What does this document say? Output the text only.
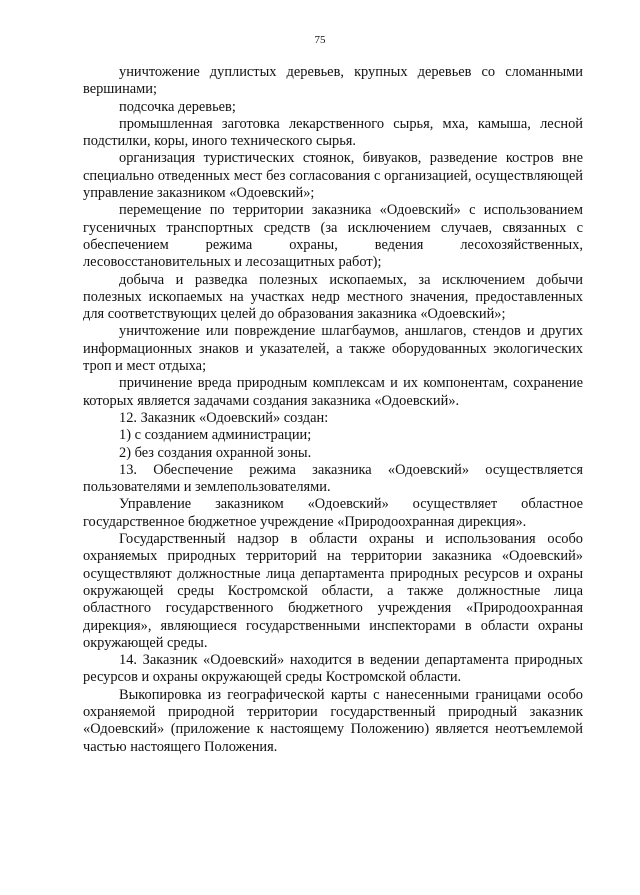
75

уничтожение дуплистых деревьев, крупных деревьев со сломанными вершинами;

подсочка деревьев;

промышленная заготовка лекарственного сырья, мха, камыша, лесной подстилки, коры, иного технического сырья.

организация туристических стоянок, бивуаков, разведение костров вне специально отведенных мест без согласования с организацией, осуществляющей управление заказником «Одоевский»;

перемещение по территории заказника «Одоевский» с использованием гусеничных транспортных средств (за исключением случаев, связанных с обеспечением режима охраны, ведения лесохозяйственных, лесовосстановительных и лесозащитных работ);

добыча и разведка полезных ископаемых, за исключением добычи полезных ископаемых на участках недр местного значения, предоставленных для соответствующих целей до образования заказника «Одоевский»;

уничтожение или повреждение шлагбаумов, аншлагов, стендов и других информационных знаков и указателей, а также оборудованных экологических троп и мест отдыха;

причинение вреда природным комплексам и их компонентам, сохранение которых является задачами создания заказника «Одоевский».

12. Заказник «Одоевский» создан:

1) с созданием администрации;

2) без создания охранной зоны.

13. Обеспечение режима заказника «Одоевский» осуществляется пользователями и землепользователями.

Управление заказником «Одоевский» осуществляет областное государственное бюджетное учреждение «Природоохранная дирекция».

Государственный надзор в области охраны и использования особо охраняемых природных территорий на территории заказника «Одоевский» осуществляют должностные лица департамента природных ресурсов и охраны окружающей среды Костромской области, а также должностные лица областного государственного бюджетного учреждения «Природоохранная дирекция», являющиеся государственными инспекторами в области охраны окружающей среды.

14. Заказник «Одоевский» находится в ведении департамента природных ресурсов и охраны окружающей среды Костромской области.

Выкопировка из географической карты с нанесенными границами особо охраняемой природной территории государственный природный заказник «Одоевский» (приложение к настоящему Положению) является неотъемлемой частью настоящего Положения.
